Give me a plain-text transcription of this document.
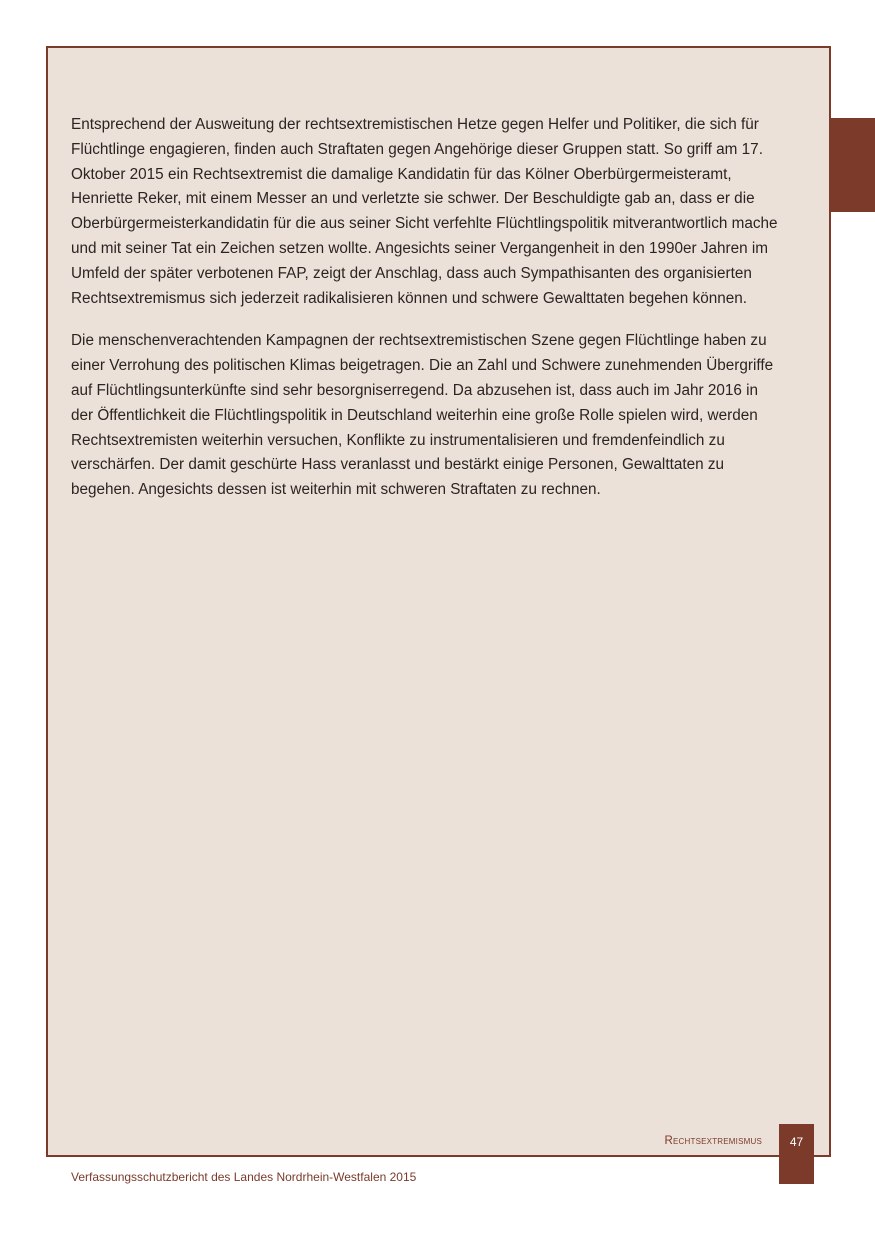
Entsprechend der Ausweitung der rechtsextremistischen Hetze gegen Helfer und Politiker, die sich für Flüchtlinge engagieren, finden auch Straftaten gegen Angehörige dieser Gruppen statt. So griff am 17. Oktober 2015 ein Rechtsextremist die damalige Kandidatin für das Kölner Oberbürgermeisteramt, Henriette Reker, mit einem Messer an und verletzte sie schwer. Der Beschuldigte gab an, dass er die Oberbürgermeisterkandidatin für die aus seiner Sicht verfehlte Flüchtlingspolitik mitverantwortlich mache und mit seiner Tat ein Zeichen setzen wollte. Angesichts seiner Vergangenheit in den 1990er Jahren im Umfeld der später verbotenen FAP, zeigt der Anschlag, dass auch Sympathisanten des organisierten Rechtsextremismus sich jederzeit radikalisieren können und schwere Gewalttaten begehen können.

Die menschenverachtenden Kampagnen der rechtsextremistischen Szene gegen Flüchtlinge haben zu einer Verrohung des politischen Klimas beigetragen. Die an Zahl und Schwere zunehmenden Übergriffe auf Flüchtlingsunterkünfte sind sehr besorgniserregend. Da abzusehen ist, dass auch im Jahr 2016 in der Öffentlichkeit die Flüchtlingspolitik in Deutschland weiterhin eine große Rolle spielen wird, werden Rechtsextremisten weiterhin versuchen, Konflikte zu instrumentalisieren und fremdenfeindlich zu verschärfen. Der damit geschürte Hass veranlasst und bestärkt einige Personen, Gewalttaten zu begehen. Angesichts dessen ist weiterhin mit schweren Straftaten zu rechnen.

Rechtsextremismus	47
Verfassungsschutzbericht des Landes Nordrhein-Westfalen 2015
